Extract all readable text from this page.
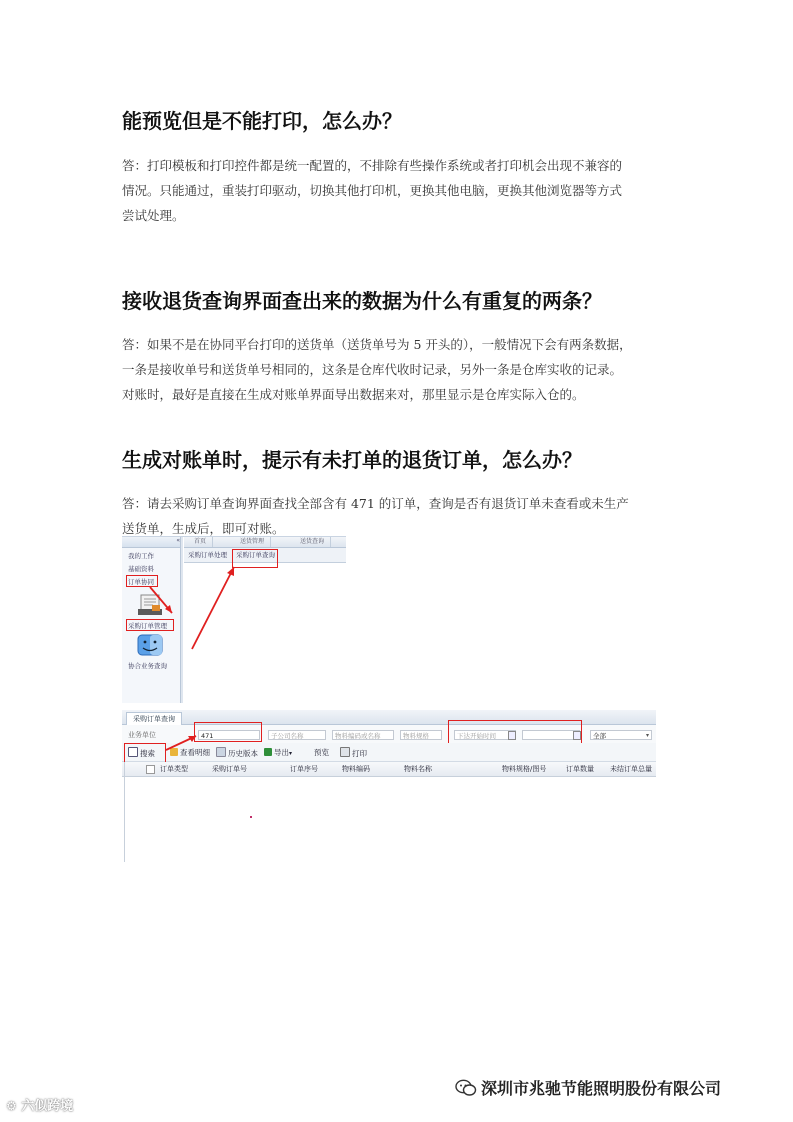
能预览但是不能打印，怎么办？

答：打印模板和打印控件都是统一配置的，不排除有些操作系统或者打印机会出现不兼容的
情况。只能通过，重装打印驱动，切换其他打印机，更换其他电脑，更换其他浏览器等方式
尝试处理。

接收退货查询界面查出来的数据为什么有重复的两条？

答：如果不是在协同平台打印的送货单（送货单号为 5 开头的），一般情况下会有两条数据，
一条是接收单号和送货单号相同的，这条是仓库代收时记录，另外一条是仓库实收的记录。
对账时，最好是直接在生成对账单界面导出数据来对，那里显示是仓库实际入仓的。

生成对账单时，提示有未打单的退货订单，怎么办？

答：请去采购订单查询界面查找全部含有 471 的订单，查询是否有退货订单未查看或未生产
送货单，生成后，即可对账。

«
我的工作
基础资料
订单协同
采购订单管理
协合业务查询
首页	送货管理	送货查询
采购订单处理 采购订单查询
采购订单查询
业务单位	471	子公司名称	物料编码或名称	物料规格	下达开始时间	全部	▾
搜索	查看明细	历史版本	导出▾	预览	打印
订单类型	采购订单号	订单序号	物料编码	物料名称	物料规格/图号	订单数量 未结订单总量
深圳市兆驰节能照明股份有限公司
⚙ 六似跨境
